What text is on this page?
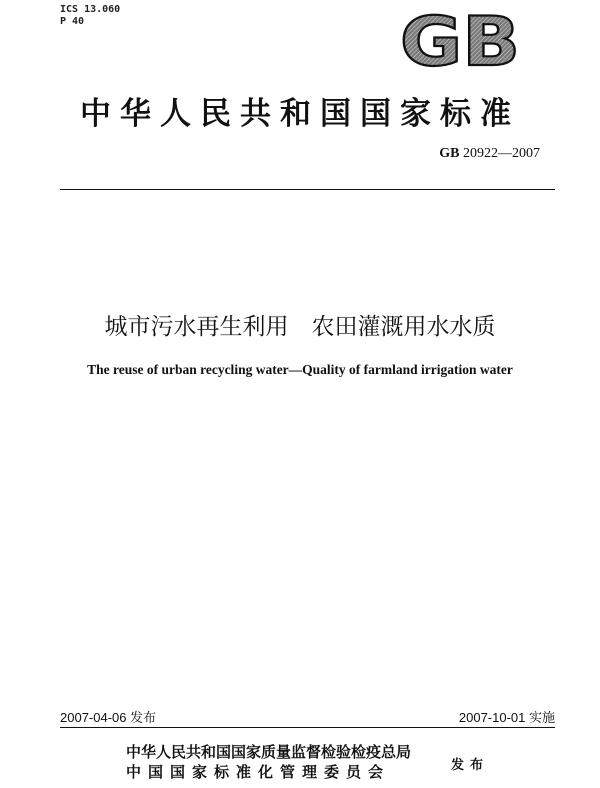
ICS 13.060
P 40	GB
中华人民共和国国家标准
GB 20922—2007
城市污水再生利用　农田灌溉用水水质
The reuse of urban recycling water—Quality of farmland irrigation water
2007-04-06 发布	2007-10-01 实施
中华人民共和国国家质量监督检验检疫总局
中国国家标准化管理委员会	发布
